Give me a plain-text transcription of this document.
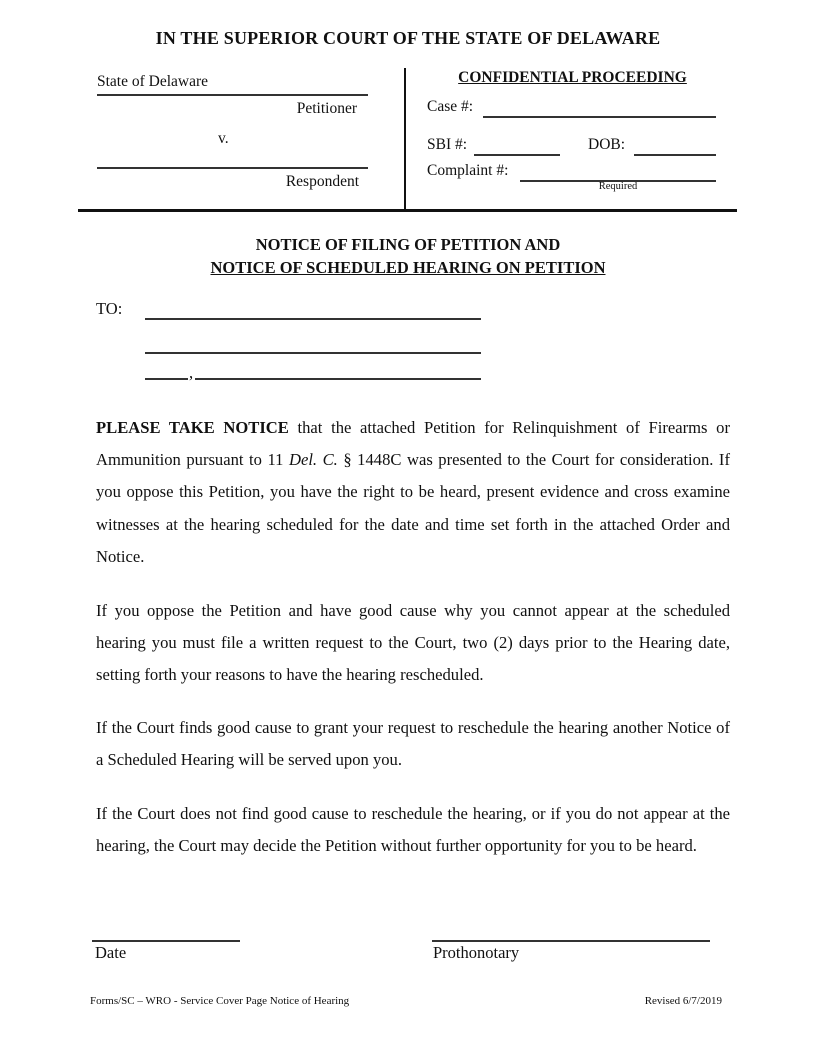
IN THE SUPERIOR COURT OF THE STATE OF DELAWARE
State of Delaware
Petitioner
v.
Respondent
CONFIDENTIAL PROCEEDING
Case #:
SBI #:	DOB:
Complaint #:
Required
NOTICE OF FILING OF PETITION AND
NOTICE OF SCHEDULED HEARING ON PETITION
TO:
,
PLEASE TAKE NOTICE that the attached Petition for Relinquishment of Firearms or Ammunition pursuant to 11 Del. C. § 1448C was presented to the Court for consideration. If you oppose this Petition, you have the right to be heard, present evidence and cross examine witnesses at the hearing scheduled for the date and time set forth in the attached Order and Notice.
If you oppose the Petition and have good cause why you cannot appear at the scheduled hearing you must file a written request to the Court, two (2) days prior to the Hearing date, setting forth your reasons to have the hearing rescheduled.
If the Court finds good cause to grant your request to reschedule the hearing another Notice of a Scheduled Hearing will be served upon you.
If the Court does not find good cause to reschedule the hearing, or if you do not appear at the hearing, the Court may decide the Petition without further opportunity for you to be heard.
Date	Prothonotary
Forms/SC – WRO - Service Cover Page Notice of Hearing	Revised 6/7/2019
